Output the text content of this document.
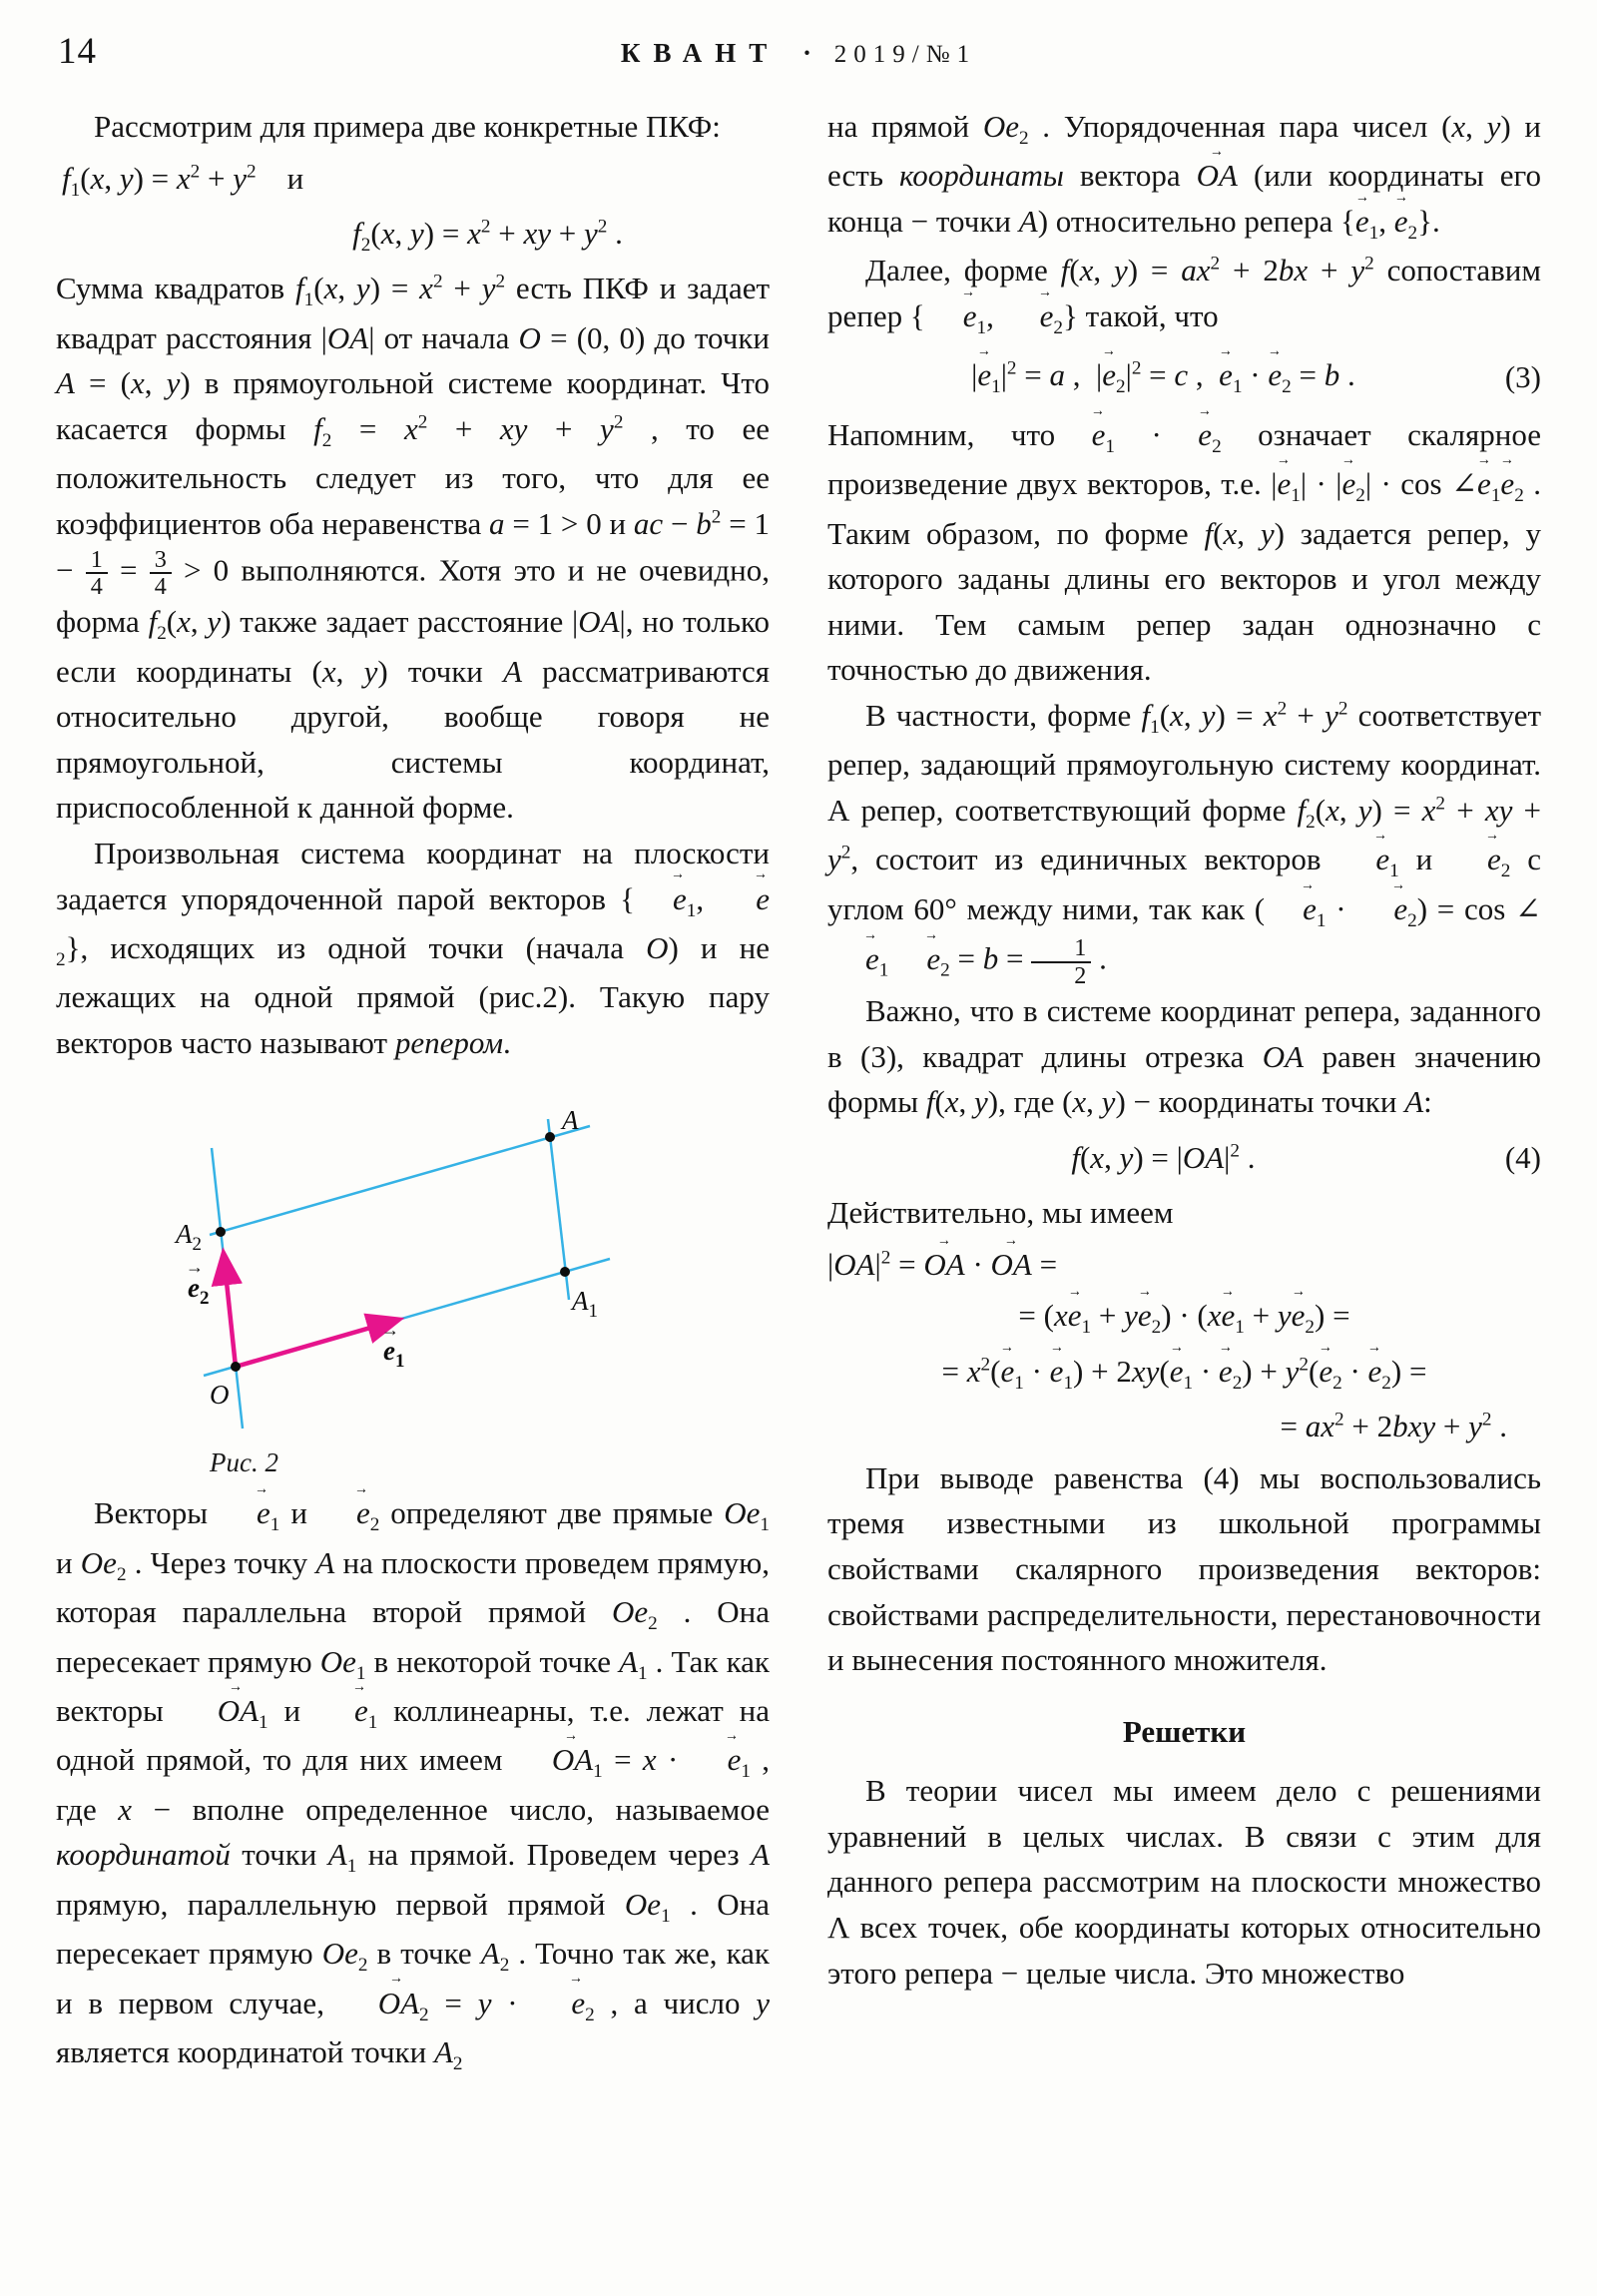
14	КВАНТ · 2019/№1

Рассмотрим для примера две конкретные ПКФ:

$f_1(x$, $y) = x^2 + y^2$    и
$f_2(x$, $y) = x^2$ + xy + $y^2$ .

Сумма квадратов $f_1(x$, $y) = x^2 + y^2$ есть ПКФ и задает квадрат расстояния |OA| от начала O = (0, 0) до точки A = (x, y) в прямоугольной системе координат. Что касается формы $f_2 = x^2$ + xy + $y^2$ , то ее положительность следует из того, что для ее коэффициентов оба неравенства a = 1 > 0 и ac − $b^2 = 1 - \frac{1}{4} = \frac{3}{4} > 0$ выполняются. Хотя это и не очевидно, форма $f_2(x$, y) также задает расстояние |OA|, но только если координаты (x, y) точки A рассматриваются относительно другой, вообще говоря не прямоугольной, системы координат, приспособленной к данной форме.

Произвольная система координат на плоскости задается упорядоченной парой векторов { $e \to_1$, $e \to_2$}, исходящих из одной точки (начала O) и не лежащих на одной прямой (рис.2). Такую пару векторов часто называют репером.

A
$A_1$
$A_2$
O
→
$e_1$
→
$e_2$
Рис. 2

Векторы $e \to_1$ и $e \to_2$ определяют две прямые $Oe_1$ и $Oe_2$ . Через точку A на плоскости проведем прямую, которая параллельна второй прямой $Oe_2$ . Она пересекает прямую $Oe_1$ в некоторой точке $A_1$ . Так как векторы OA $\to_1$ и $e \to_1$ коллинеарны, т.е. лежат на одной прямой, то для них имеем OA $\to_1 = x \cdot e \to_1$ , где x − вполне определенное число, называемое координатой точки $A_1$ на прямой. Проведем через A прямую, параллельную первой прямой $Oe_1$ . Она пересекает прямую $Oe_2$ в точке $A_2$ . Точно так же, как и в первом случае, OA $\to_2 = y \cdot e \to_2$ , а число y является координатой точки $A_2$

на прямой $Oe_2$ . Упорядоченная пара чисел (x, y) и есть координаты вектора OA → (или координаты его конца − точки A) относительно репера {$e \to_1$, $e \to_2$}.

Далее, форме f(x, $y) = ax^2 + 2bx + y^2$ сопоставим репер { $e \to_1$, $e \to_2$} такой, что

$|e \to_1|^2 = a$ ,  $|e \to_2|^2 = c$ ,  $e \to_1 \cdot e \to_2 = b$ .	(3)

Напомним, что $e \to_1 \cdot e \to_2$ означает скалярное произведение двух векторов, т.е. $|e \to_1| \cdot |e \to_2| \cdot \cos$ ∠e $\to_1e \to_2$ . Таким образом, по форме f(x, y) задается репер, у которого заданы длины его векторов и угол между ними. Тем самым репер задан однозначно с точностью до движения.

В частности, форме $f_1(x$, $y) = x^2 + y^2$ соответствует репер, задающий прямоугольную систему координат. А репер, соответствующий форме $f_2(x$, $y) = x^2$ + xy + $y^2$, состоит из единичных векторов $e \to_1$ и $e \to_2$ с углом 60° между ними, так как ( $e \to_1 \cdot e \to_2) = \cos$ ∠e $\to_1$ $e \to_2 = b = \frac{1}{2}$ .

Важно, что в системе координат репера, заданного в (3), квадрат длины отрезка OA равен значению формы f(x, y), где (x, y) − координаты точки A:

f(x, $y) = |OA|^2$ .	(4)

Действительно, мы имеем

$|OA|^2$ = OA → · OA → =
= ($xe \to_1$ + ye $\to_2) \cdot (xe \to_1$ + ye $\to_2$) =
= $x^2(e \to_1 \cdot e \to_1) + 2xy(e \to_1 \cdot e \to_2) + y^2(e \to_2 \cdot e \to_2)$ =
= $ax^2 + 2bxy + y^2$ .

При выводе равенства (4) мы воспользовались тремя известными из школьной программы свойствами скалярного произведения векторов: свойствами распределительности, перестановочности и вынесения постоянного множителя.

Решетки

В теории чисел мы имеем дело с решениями уравнений в целых числах. В связи с этим для данного репера рассмотрим на плоскости множество Λ всех точек, обе координаты которых относительно этого репера − целые числа. Это множество
